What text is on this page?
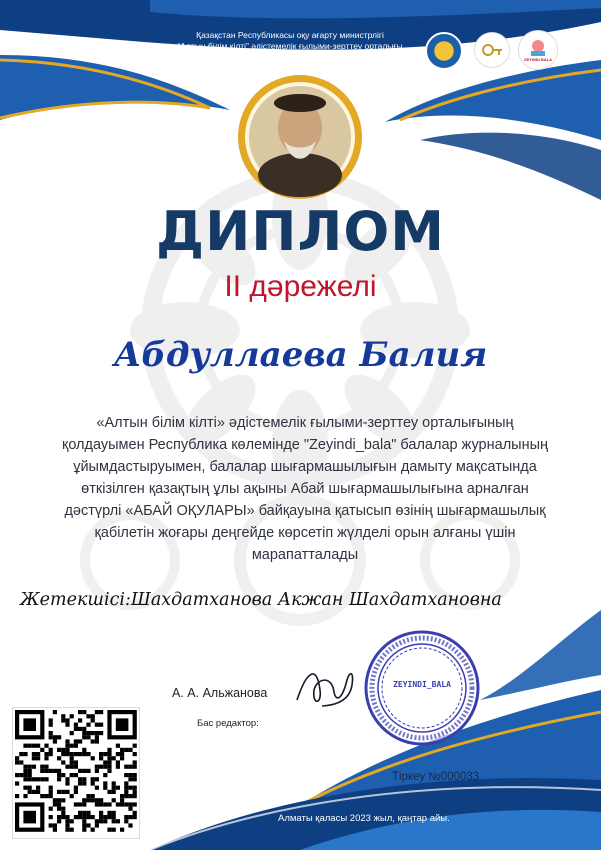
Қазақстан Республикасы оқу ағарту министрлігі
“Алтын білім кілті” әдістемелік ғылыми-зерттеу орталығы
ZEYINDI BALA
ДИПЛОМ
ІІ дәрежелі
Абдуллаева Балия
«Алтын білім кілті» әдістемелік ғылыми-зерттеу орталығының
қолдауымен Республика көлемінде "Zeyindi_bala" балалар журналының
ұйымдастыруымен, балалар шығармашылығын дамыту мақсатында
өткізілген қазақтың ұлы ақыны Абай шығармашылығына арналған
дәстүрлі «АБАЙ ОҚУЛАРЫ» байқауына қатысып өзінің шығармашылық
қабілетін жоғары деңгейде көрсетіп жүлделі орын алғаны үшін
марапатталады
Жетекшісі:Шахдатханова Акжан Шахдатхановна
А. А. Альжанова
Бас редактор:
ZEYINDI_BALA
Тіркеу №000033
Алматы қаласы 2023 жыл, қаңтар айы.
